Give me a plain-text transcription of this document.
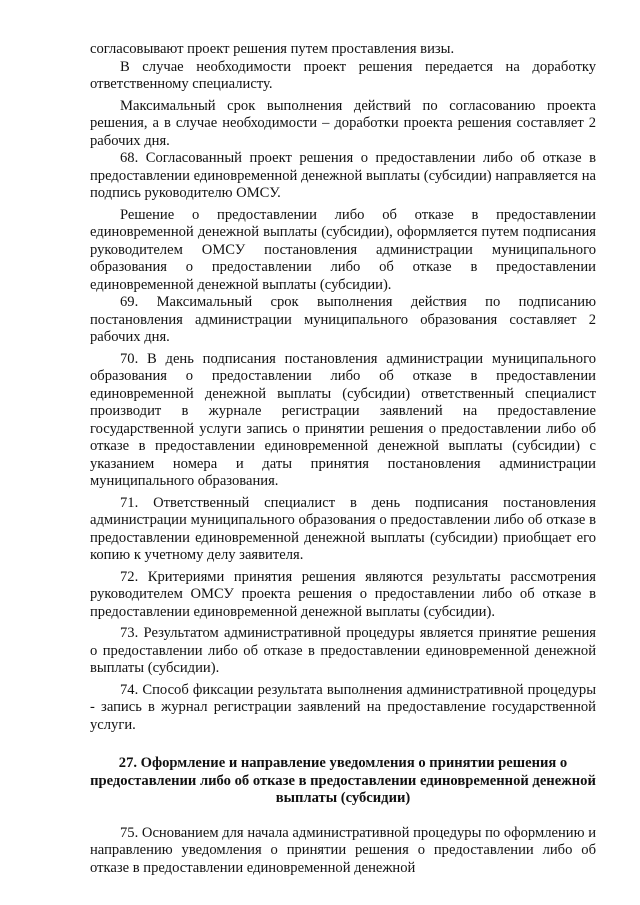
согласовывают проект решения путем проставления визы.

В случае необходимости проект решения передается на доработку ответственному специалисту.

Максимальный срок выполнения действий по согласованию проекта решения, а в случае необходимости – доработки проекта решения составляет 2 рабочих дня.

68. Согласованный проект решения о предоставлении либо об отказе в предоставлении единовременной денежной выплаты (субсидии) направляется на подпись руководителю ОМСУ.

Решение о предоставлении либо об отказе в предоставлении единовременной денежной выплаты (субсидии), оформляется путем подписания руководителем ОМСУ постановления администрации муниципального образования о предоставлении либо об отказе в предоставлении единовременной денежной выплаты (субсидии).

69. Максимальный срок выполнения действия по подписанию постановления администрации муниципального образования составляет 2 рабочих дня.

70. В день подписания постановления администрации муниципального образования о предоставлении либо об отказе в предоставлении единовременной денежной выплаты (субсидии) ответственный специалист производит в журнале регистрации заявлений на предоставление государственной услуги запись о принятии решения о предоставлении либо об отказе в предоставлении единовременной денежной выплаты (субсидии) с указанием номера и даты принятия постановления администрации муниципального образования.

71. Ответственный специалист в день подписания постановления администрации муниципального образования о предоставлении либо об отказе в предоставлении единовременной денежной выплаты (субсидии) приобщает его копию к учетному делу заявителя.

72. Критериями принятия решения являются результаты рассмотрения руководителем ОМСУ проекта решения о предоставлении либо об отказе в предоставлении единовременной денежной выплаты (субсидии).

73. Результатом административной процедуры является принятие решения о предоставлении либо об отказе в предоставлении единовременной денежной выплаты (субсидии).

74. Способ фиксации результата выполнения административной процедуры - запись в журнал регистрации заявлений на предоставление государственной услуги.

27. Оформление и направление уведомления о принятии решения о предоставлении либо об отказе в предоставлении единовременной денежной выплаты (субсидии)

75. Основанием для начала административной процедуры по оформлению и направлению уведомления о принятии решения о предоставлении либо об отказе в предоставлении единовременной денежной
